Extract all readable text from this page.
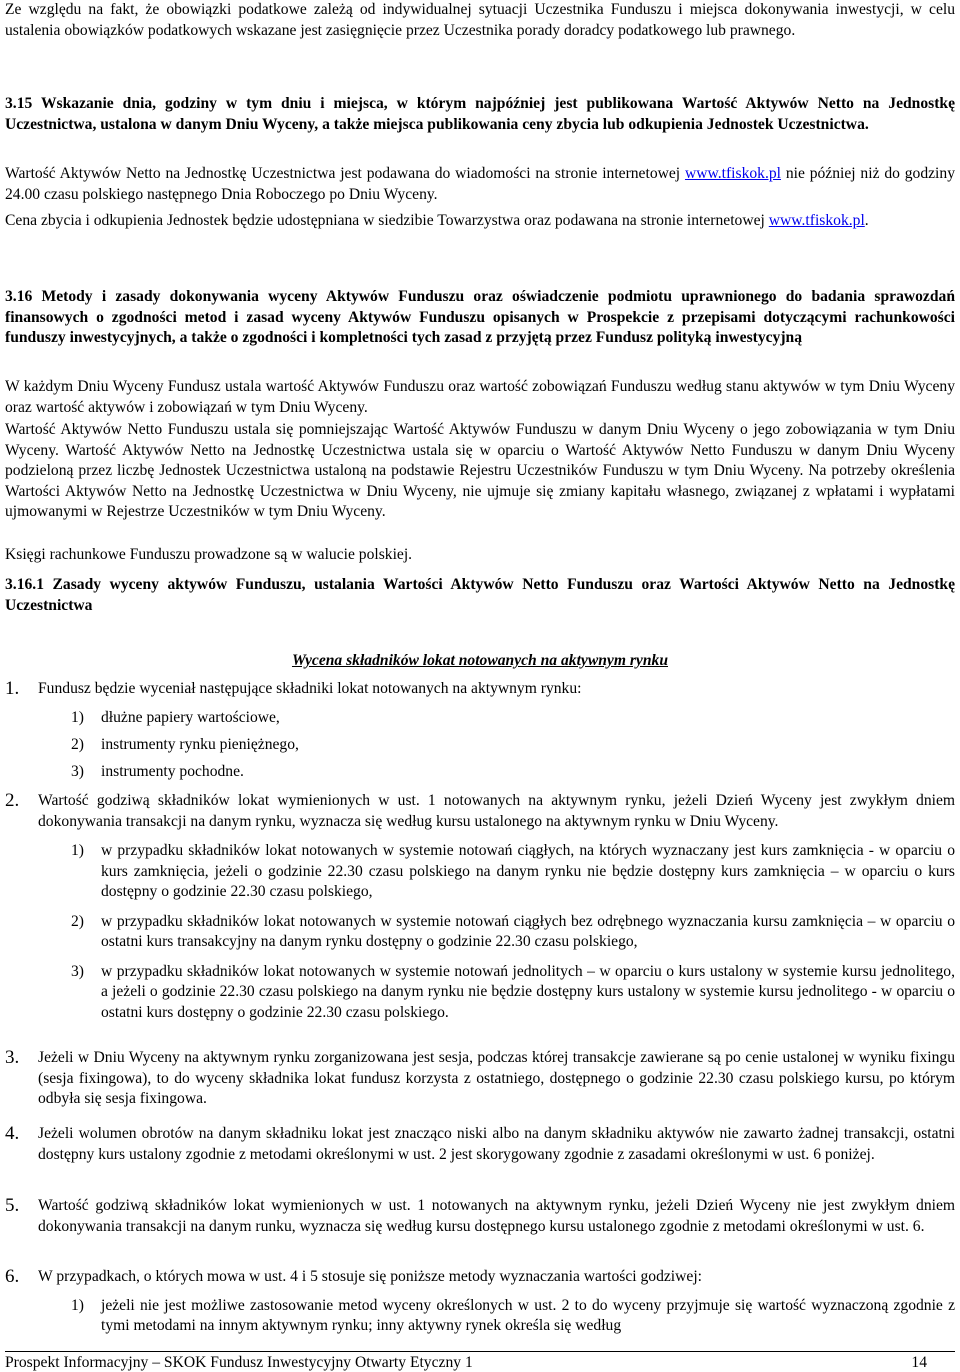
Ze względu na fakt, że obowiązki podatkowe zależą od indywidualnej sytuacji Uczestnika Funduszu i miejsca dokonywania inwestycji, w celu ustalenia obowiązków podatkowych wskazane jest zasięgnięcie przez Uczestnika porady doradcy podatkowego lub prawnego.

3.15 Wskazanie dnia, godziny w tym dniu i miejsca, w którym najpóźniej jest publikowana Wartość Aktywów Netto na Jednostkę Uczestnictwa, ustalona w danym Dniu Wyceny, a także miejsca publikowania ceny zbycia lub odkupienia Jednostek Uczestnictwa.

Wartość Aktywów Netto na Jednostkę Uczestnictwa jest podawana do wiadomości na stronie internetowej www.tfiskok.pl nie później niż do godziny 24.00 czasu polskiego następnego Dnia Roboczego po Dniu Wyceny.

Cena zbycia i odkupienia Jednostek będzie udostępniana w siedzibie Towarzystwa oraz podawana na stronie internetowej www.tfiskok.pl.

3.16 Metody i zasady dokonywania wyceny Aktywów Funduszu oraz oświadczenie podmiotu uprawnionego do badania sprawozdań finansowych o zgodności metod i zasad wyceny Aktywów Funduszu opisanych w Prospekcie z przepisami dotyczącymi rachunkowości funduszy inwestycyjnych, a także o zgodności i kompletności tych zasad z przyjętą przez Fundusz polityką inwestycyjną

W każdym Dniu Wyceny Fundusz ustala wartość Aktywów Funduszu oraz wartość zobowiązań Funduszu według stanu aktywów w tym Dniu Wyceny oraz wartość aktywów i zobowiązań w tym Dniu Wyceny.

Wartość Aktywów Netto Funduszu ustala się pomniejszając Wartość Aktywów Funduszu w danym Dniu Wyceny o jego zobowiązania w tym Dniu Wyceny. Wartość Aktywów Netto na Jednostkę Uczestnictwa ustala się w oparciu o Wartość Aktywów Netto Funduszu w danym Dniu Wyceny podzieloną przez liczbę Jednostek Uczestnictwa ustaloną na podstawie Rejestru Uczestników Funduszu w tym Dniu Wyceny. Na potrzeby określenia Wartości Aktywów Netto na Jednostkę Uczestnictwa w Dniu Wyceny, nie ujmuje się zmiany kapitału własnego, związanej z wpłatami i wypłatami ujmowanymi w Rejestrze Uczestników w tym Dniu Wyceny.

Księgi rachunkowe Funduszu prowadzone są w walucie polskiej.

3.16.1 Zasady wyceny aktywów Funduszu, ustalania Wartości Aktywów Netto Funduszu oraz Wartości Aktywów Netto na Jednostkę Uczestnictwa

Wycena składników lokat notowanych na aktywnym rynku

1. Fundusz będzie wyceniał następujące składniki lokat notowanych na aktywnym rynku:

1) dłużne papiery wartościowe,
2) instrumenty rynku pieniężnego,
3) instrumenty pochodne.
2. Wartość godziwą składników lokat wymienionych w ust. 1 notowanych na aktywnym rynku, jeżeli Dzień Wyceny jest zwykłym dniem dokonywania transakcji na danym rynku, wyznacza się według kursu ustalonego na aktywnym rynku w Dniu Wyceny.

1) w przypadku składników lokat notowanych w systemie notowań ciągłych, na których wyznaczany jest kurs zamknięcia - w oparciu o kurs zamknięcia, jeżeli o godzinie 22.30 czasu polskiego na danym rynku nie będzie dostępny kurs zamknięcia – w oparciu o kurs dostępny o godzinie 22.30 czasu polskiego,

2) w przypadku składników lokat notowanych w systemie notowań ciągłych bez odrębnego wyznaczania kursu zamknięcia – w oparciu o ostatni kurs transakcyjny na danym rynku dostępny o godzinie 22.30 czasu polskiego,

3) w przypadku składników lokat notowanych w systemie notowań jednolitych – w oparciu o kurs ustalony w systemie kursu jednolitego, a jeżeli o godzinie 22.30 czasu polskiego na danym rynku nie będzie dostępny kurs ustalony w systemie kursu jednolitego - w oparciu o ostatni kurs dostępny o godzinie 22.30 czasu polskiego.

3. Jeżeli w Dniu Wyceny na aktywnym rynku zorganizowana jest sesja, podczas której transakcje zawierane są po cenie ustalonej w wyniku fixingu (sesja fixingowa), to do wyceny składnika lokat fundusz korzysta z ostatniego, dostępnego o godzinie 22.30 czasu polskiego kursu, po którym odbyła się sesja fixingowa.

4. Jeżeli wolumen obrotów na danym składniku lokat jest znacząco niski albo na danym składniku aktywów nie zawarto żadnej transakcji, ostatni dostępny kurs ustalony zgodnie z metodami określonymi w ust. 2 jest skorygowany zgodnie z zasadami określonymi w ust. 6 poniżej.

5. Wartość godziwą składników lokat wymienionych w ust. 1 notowanych na aktywnym rynku, jeżeli Dzień Wyceny nie jest zwykłym dniem dokonywania transakcji na danym runku, wyznacza się według kursu dostępnego kursu ustalonego zgodnie z metodami określonymi w ust. 6.

6. W przypadkach, o których mowa w ust. 4 i 5 stosuje się poniższe metody wyznaczania wartości godziwej:

1) jeżeli nie jest możliwe zastosowanie metod wyceny określonych w ust. 2 to do wyceny przyjmuje się wartość wyznaczoną zgodnie z tymi metodami na innym aktywnym rynku; inny aktywny rynek określa się według

Prospekt Informacyjny – SKOK Fundusz Inwestycyjny Otwarty Etyczny 1	14
